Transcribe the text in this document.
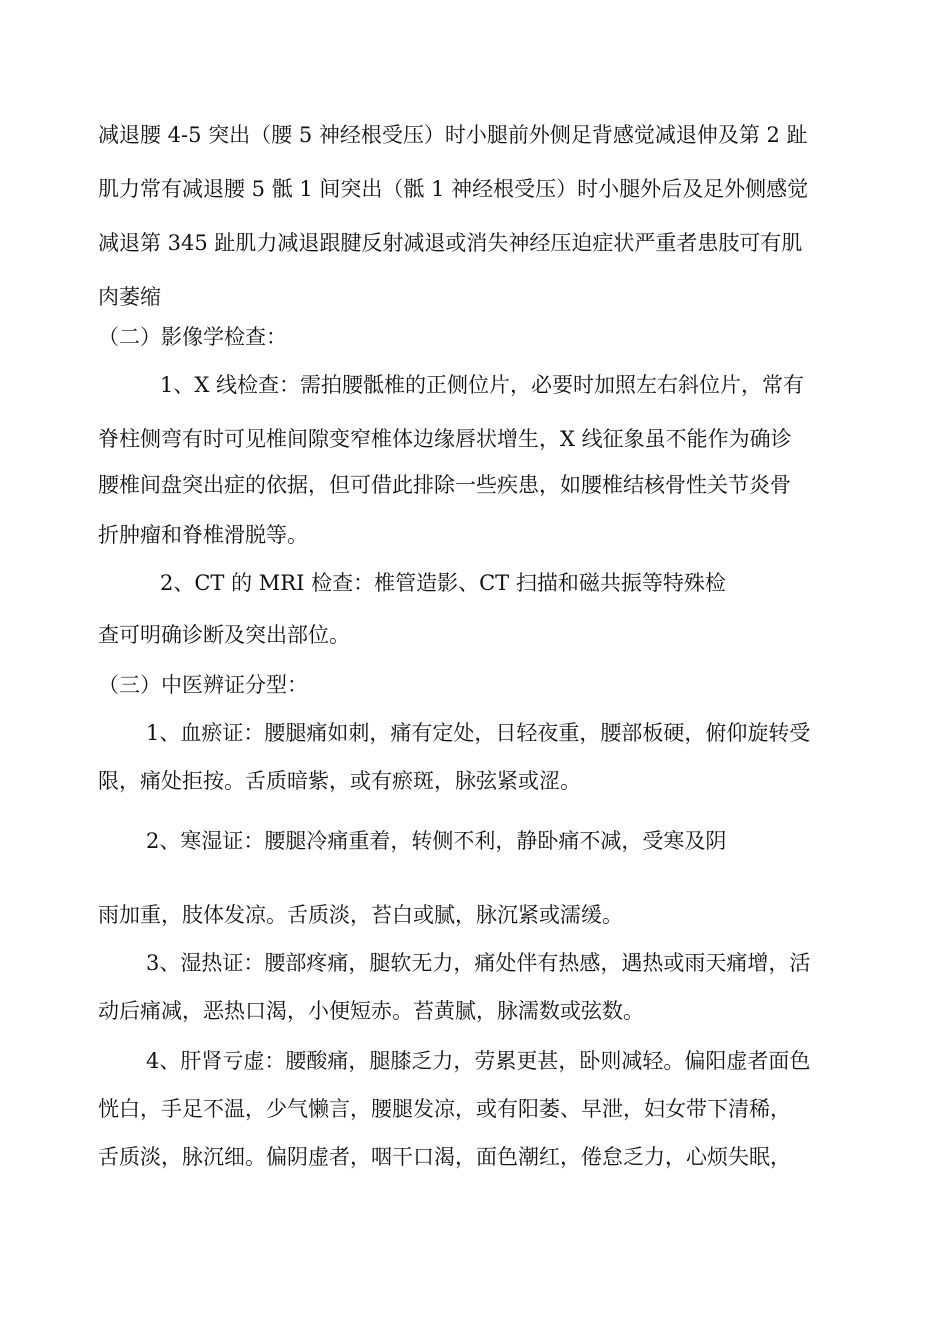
减退腰 4-5 突出（腰 5 神经根受压）时小腿前外侧足背感觉减退伸及第 2 趾

肌力常有减退腰 5 骶 1 间突出（骶 1 神经根受压）时小腿外后及足外侧感觉

减退第 345 趾肌力减退跟腱反射减退或消失神经压迫症状严重者患肢可有肌

肉萎缩

（二）影像学检查：

1、X 线检查：需拍腰骶椎的正侧位片，必要时加照左右斜位片，常有

脊柱侧弯有时可见椎间隙变窄椎体边缘唇状增生，X 线征象虽不能作为确诊

腰椎间盘突出症的依据，但可借此排除一些疾患，如腰椎结核骨性关节炎骨

折肿瘤和脊椎滑脱等。

2、CT 的 MRI 检查：椎管造影、CT 扫描和磁共振等特殊检

查可明确诊断及突出部位。

（三）中医辨证分型：

1、血瘀证：腰腿痛如刺，痛有定处，日轻夜重，腰部板硬，俯仰旋转受

限，痛处拒按。舌质暗紫，或有瘀斑，脉弦紧或涩。

2、寒湿证：腰腿冷痛重着，转侧不利，静卧痛不减，受寒及阴

雨加重，肢体发凉。舌质淡，苔白或腻，脉沉紧或濡缓。

3、湿热证：腰部疼痛，腿软无力，痛处伴有热感，遇热或雨天痛增，活

动后痛减，恶热口渴，小便短赤。苔黄腻，脉濡数或弦数。

4、肝肾亏虚：腰酸痛，腿膝乏力，劳累更甚，卧则减轻。偏阳虚者面色

恍白，手足不温，少气懒言，腰腿发凉，或有阳萎、早泄，妇女带下清稀，

舌质淡，脉沉细。偏阴虚者，咽干口渴，面色潮红，倦怠乏力，心烦失眠，
